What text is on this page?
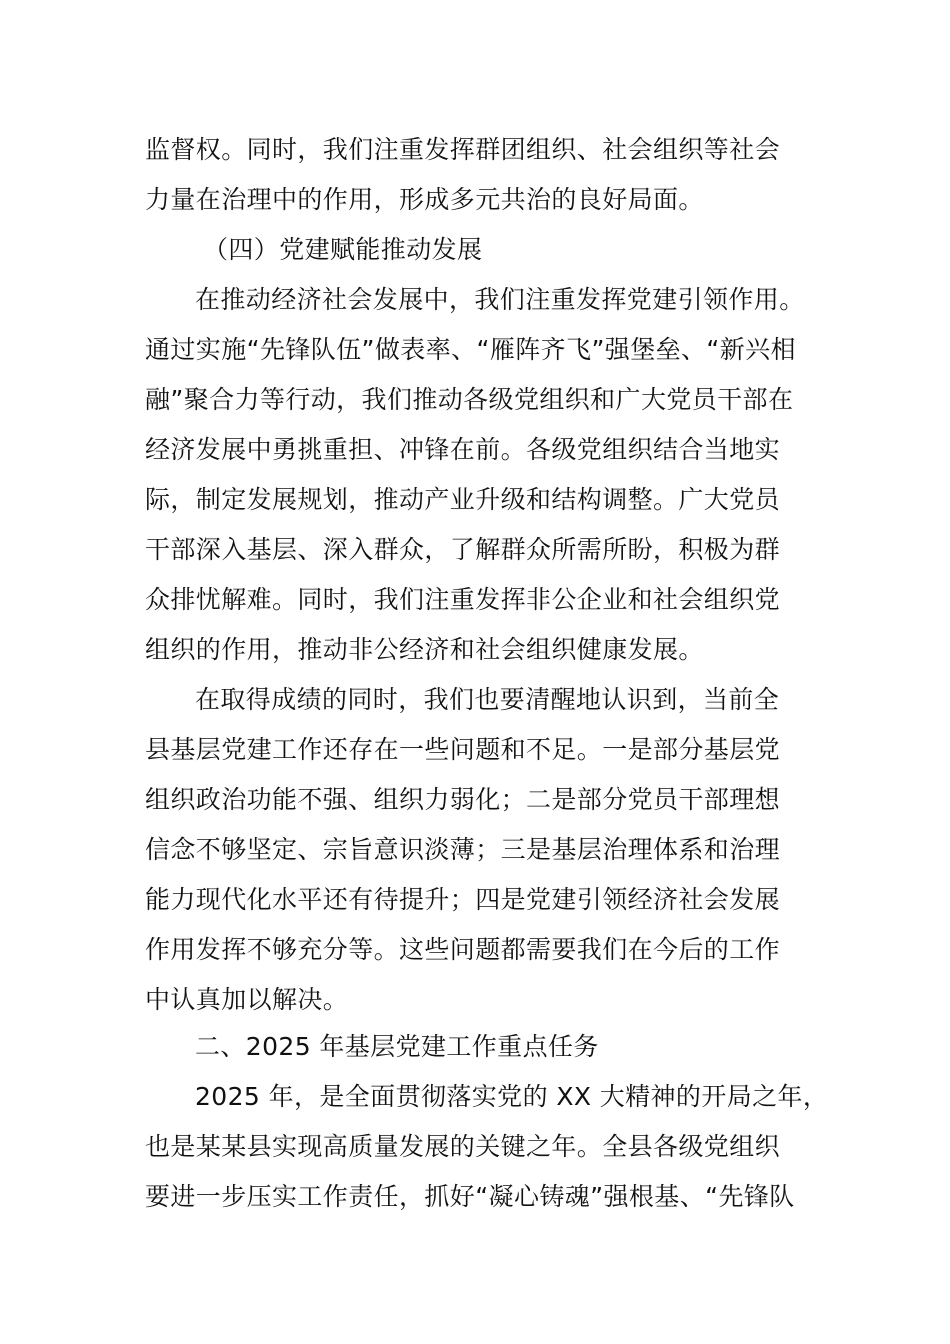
监督权。同时，我们注重发挥群团组织、社会组织等社会
力量在治理中的作用，形成多元共治的良好局面。
（四）党建赋能推动发展
在推动经济社会发展中，我们注重发挥党建引领作用。
通过实施“先锋队伍”做表率、“雁阵齐飞”强堡垒、“新兴相
融”聚合力等行动，我们推动各级党组织和广大党员干部在
经济发展中勇挑重担、冲锋在前。各级党组织结合当地实
际，制定发展规划，推动产业升级和结构调整。广大党员
干部深入基层、深入群众，了解群众所需所盼，积极为群
众排忧解难。同时，我们注重发挥非公企业和社会组织党
组织的作用，推动非公经济和社会组织健康发展。
在取得成绩的同时，我们也要清醒地认识到，当前全
县基层党建工作还存在一些问题和不足。一是部分基层党
组织政治功能不强、组织力弱化；二是部分党员干部理想
信念不够坚定、宗旨意识淡薄；三是基层治理体系和治理
能力现代化水平还有待提升；四是党建引领经济社会发展
作用发挥不够充分等。这些问题都需要我们在今后的工作
中认真加以解决。
二、2025 年基层党建工作重点任务
2025 年，是全面贯彻落实党的 XX 大精神的开局之年，
也是某某县实现高质量发展的关键之年。全县各级党组织
要进一步压实工作责任，抓好“凝心铸魂”强根基、“先锋队
